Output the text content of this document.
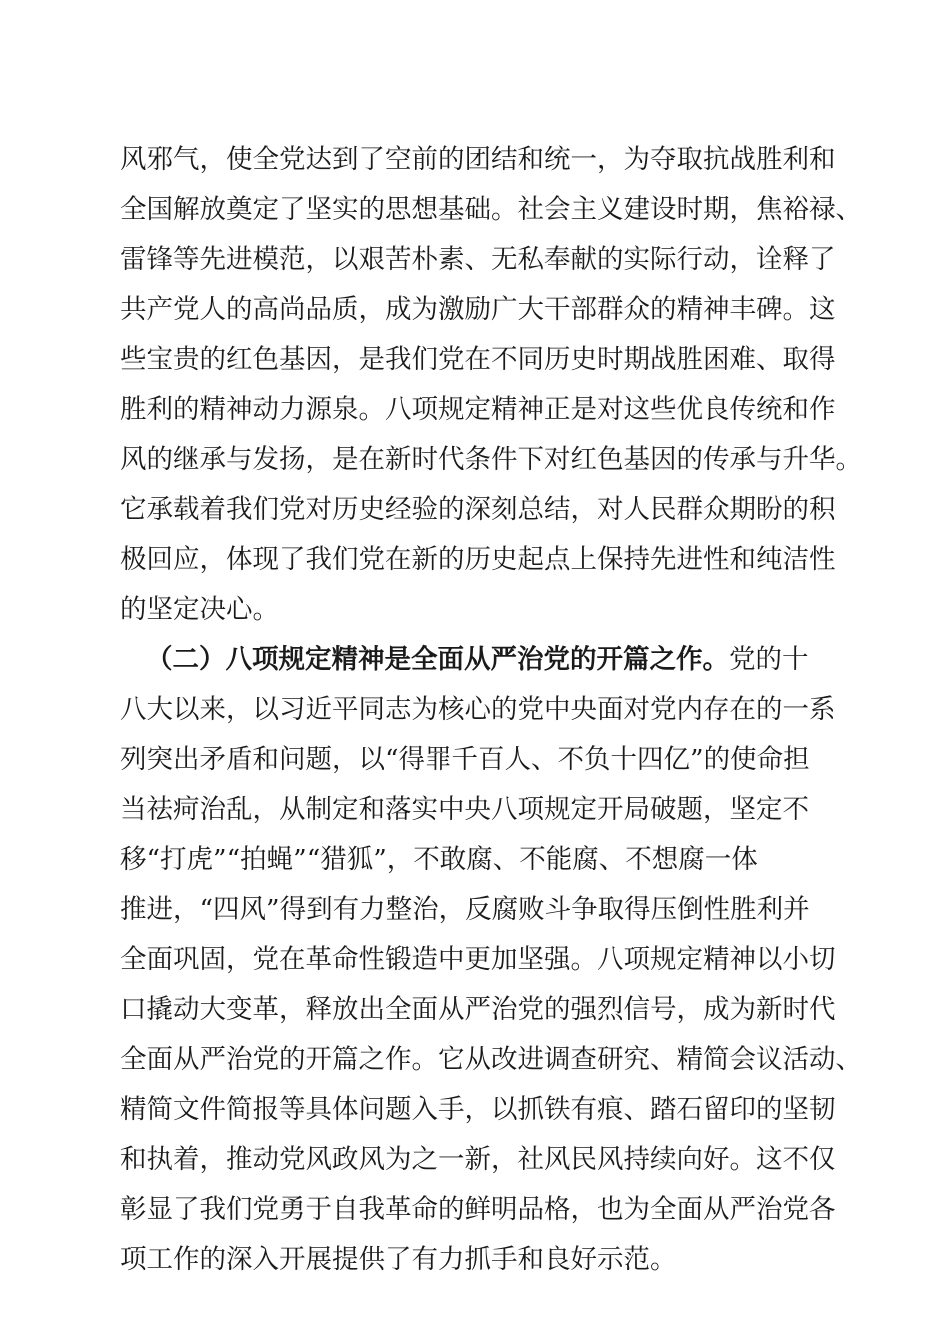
风邪气，使全党达到了空前的团结和统一，为夺取抗战胜利和
全国解放奠定了坚实的思想基础。社会主义建设时期，焦裕禄、
雷锋等先进模范，以艰苦朴素、无私奉献的实际行动，诠释了
共产党人的高尚品质，成为激励广大干部群众的精神丰碑。这
些宝贵的红色基因，是我们党在不同历史时期战胜困难、取得
胜利的精神动力源泉。八项规定精神正是对这些优良传统和作
风的继承与发扬，是在新时代条件下对红色基因的传承与升华。
它承载着我们党对历史经验的深刻总结，对人民群众期盼的积
极回应，体现了我们党在新的历史起点上保持先进性和纯洁性
的坚定决心。
（二）八项规定精神是全面从严治党的开篇之作。党的十
八大以来，以习近平同志为核心的党中央面对党内存在的一系
列突出矛盾和问题，以“得罪千百人、不负十四亿”的使命担
当祛疴治乱，从制定和落实中央八项规定开局破题，坚定不
移“打虎”“拍蝇”“猎狐”，不敢腐、不能腐、不想腐一体
推进，“四风”得到有力整治，反腐败斗争取得压倒性胜利并
全面巩固，党在革命性锻造中更加坚强。八项规定精神以小切
口撬动大变革，释放出全面从严治党的强烈信号，成为新时代
全面从严治党的开篇之作。它从改进调查研究、精简会议活动、
精简文件简报等具体问题入手，以抓铁有痕、踏石留印的坚韧
和执着，推动党风政风为之一新，社风民风持续向好。这不仅
彰显了我们党勇于自我革命的鲜明品格，也为全面从严治党各
项工作的深入开展提供了有力抓手和良好示范。
